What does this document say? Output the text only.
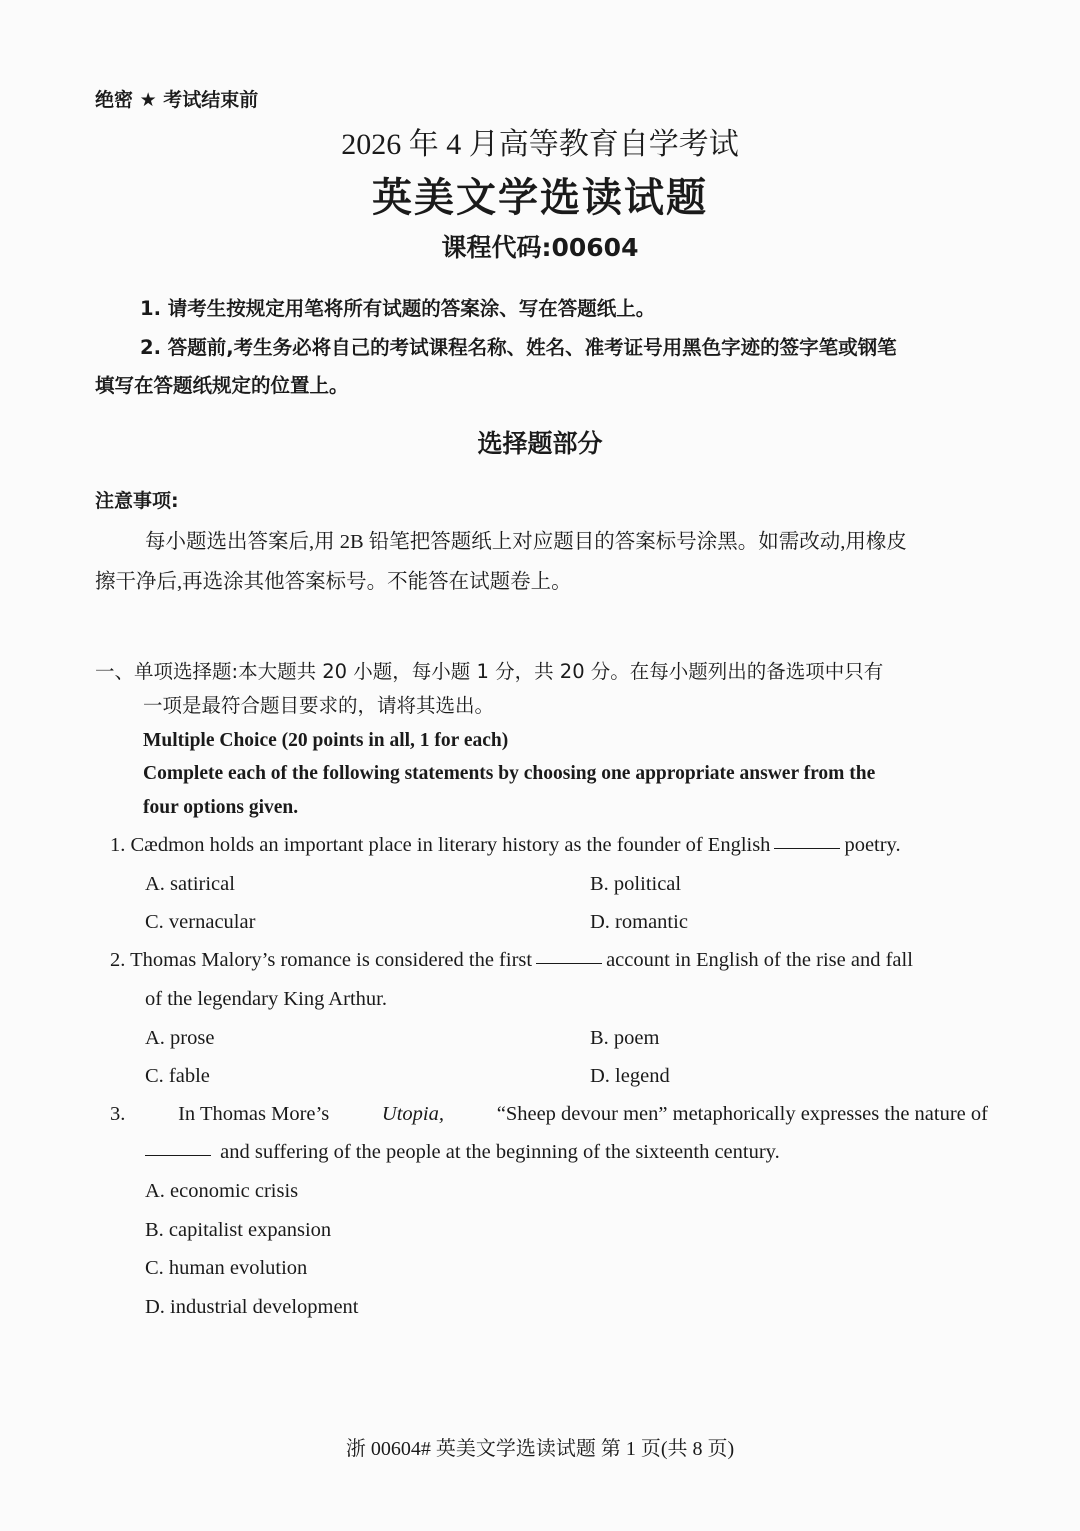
绝密 ★ 考试结束前
2026 年 4 月高等教育自学考试
英美文学选读试题
课程代码:00604
1. 请考生按规定用笔将所有试题的答案涂、写在答题纸上。
2. 答题前,考生务必将自己的考试课程名称、姓名、准考证号用黑色字迹的签字笔或钢笔
填写在答题纸规定的位置上。
选择题部分
注意事项:
每小题选出答案后,用 2B 铅笔把答题纸上对应题目的答案标号涂黑。如需改动,用橡皮
擦干净后,再选涂其他答案标号。不能答在试题卷上。
一、单项选择题:本大题共 20 小题，每小题 1 分，共 20 分。在每小题列出的备选项中只有
一项是最符合题目要求的，请将其选出。
Multiple Choice (20 points in all, 1 for each)
Complete each of the following statements by choosing one appropriate answer from the
four options given.
1. Cædmon holds an important place in literary history as the founder of English	poetry.
A. satirical	B. political
C. vernacular	D. romantic
2. Thomas Malory’s romance is considered the first	account in English of the rise and fall
of the legendary King Arthur.
A. prose	B. poem
C. fable	D. legend
3.	In Thomas More’s	Utopia,	“Sheep devour men” metaphorically expresses the nature of
and suffering of the people at the beginning of the sixteenth century.
A. economic crisis
B. capitalist expansion
C. human evolution
D. industrial development
浙 00604# 英美文学选读试题 第 1 页(共 8 页)
